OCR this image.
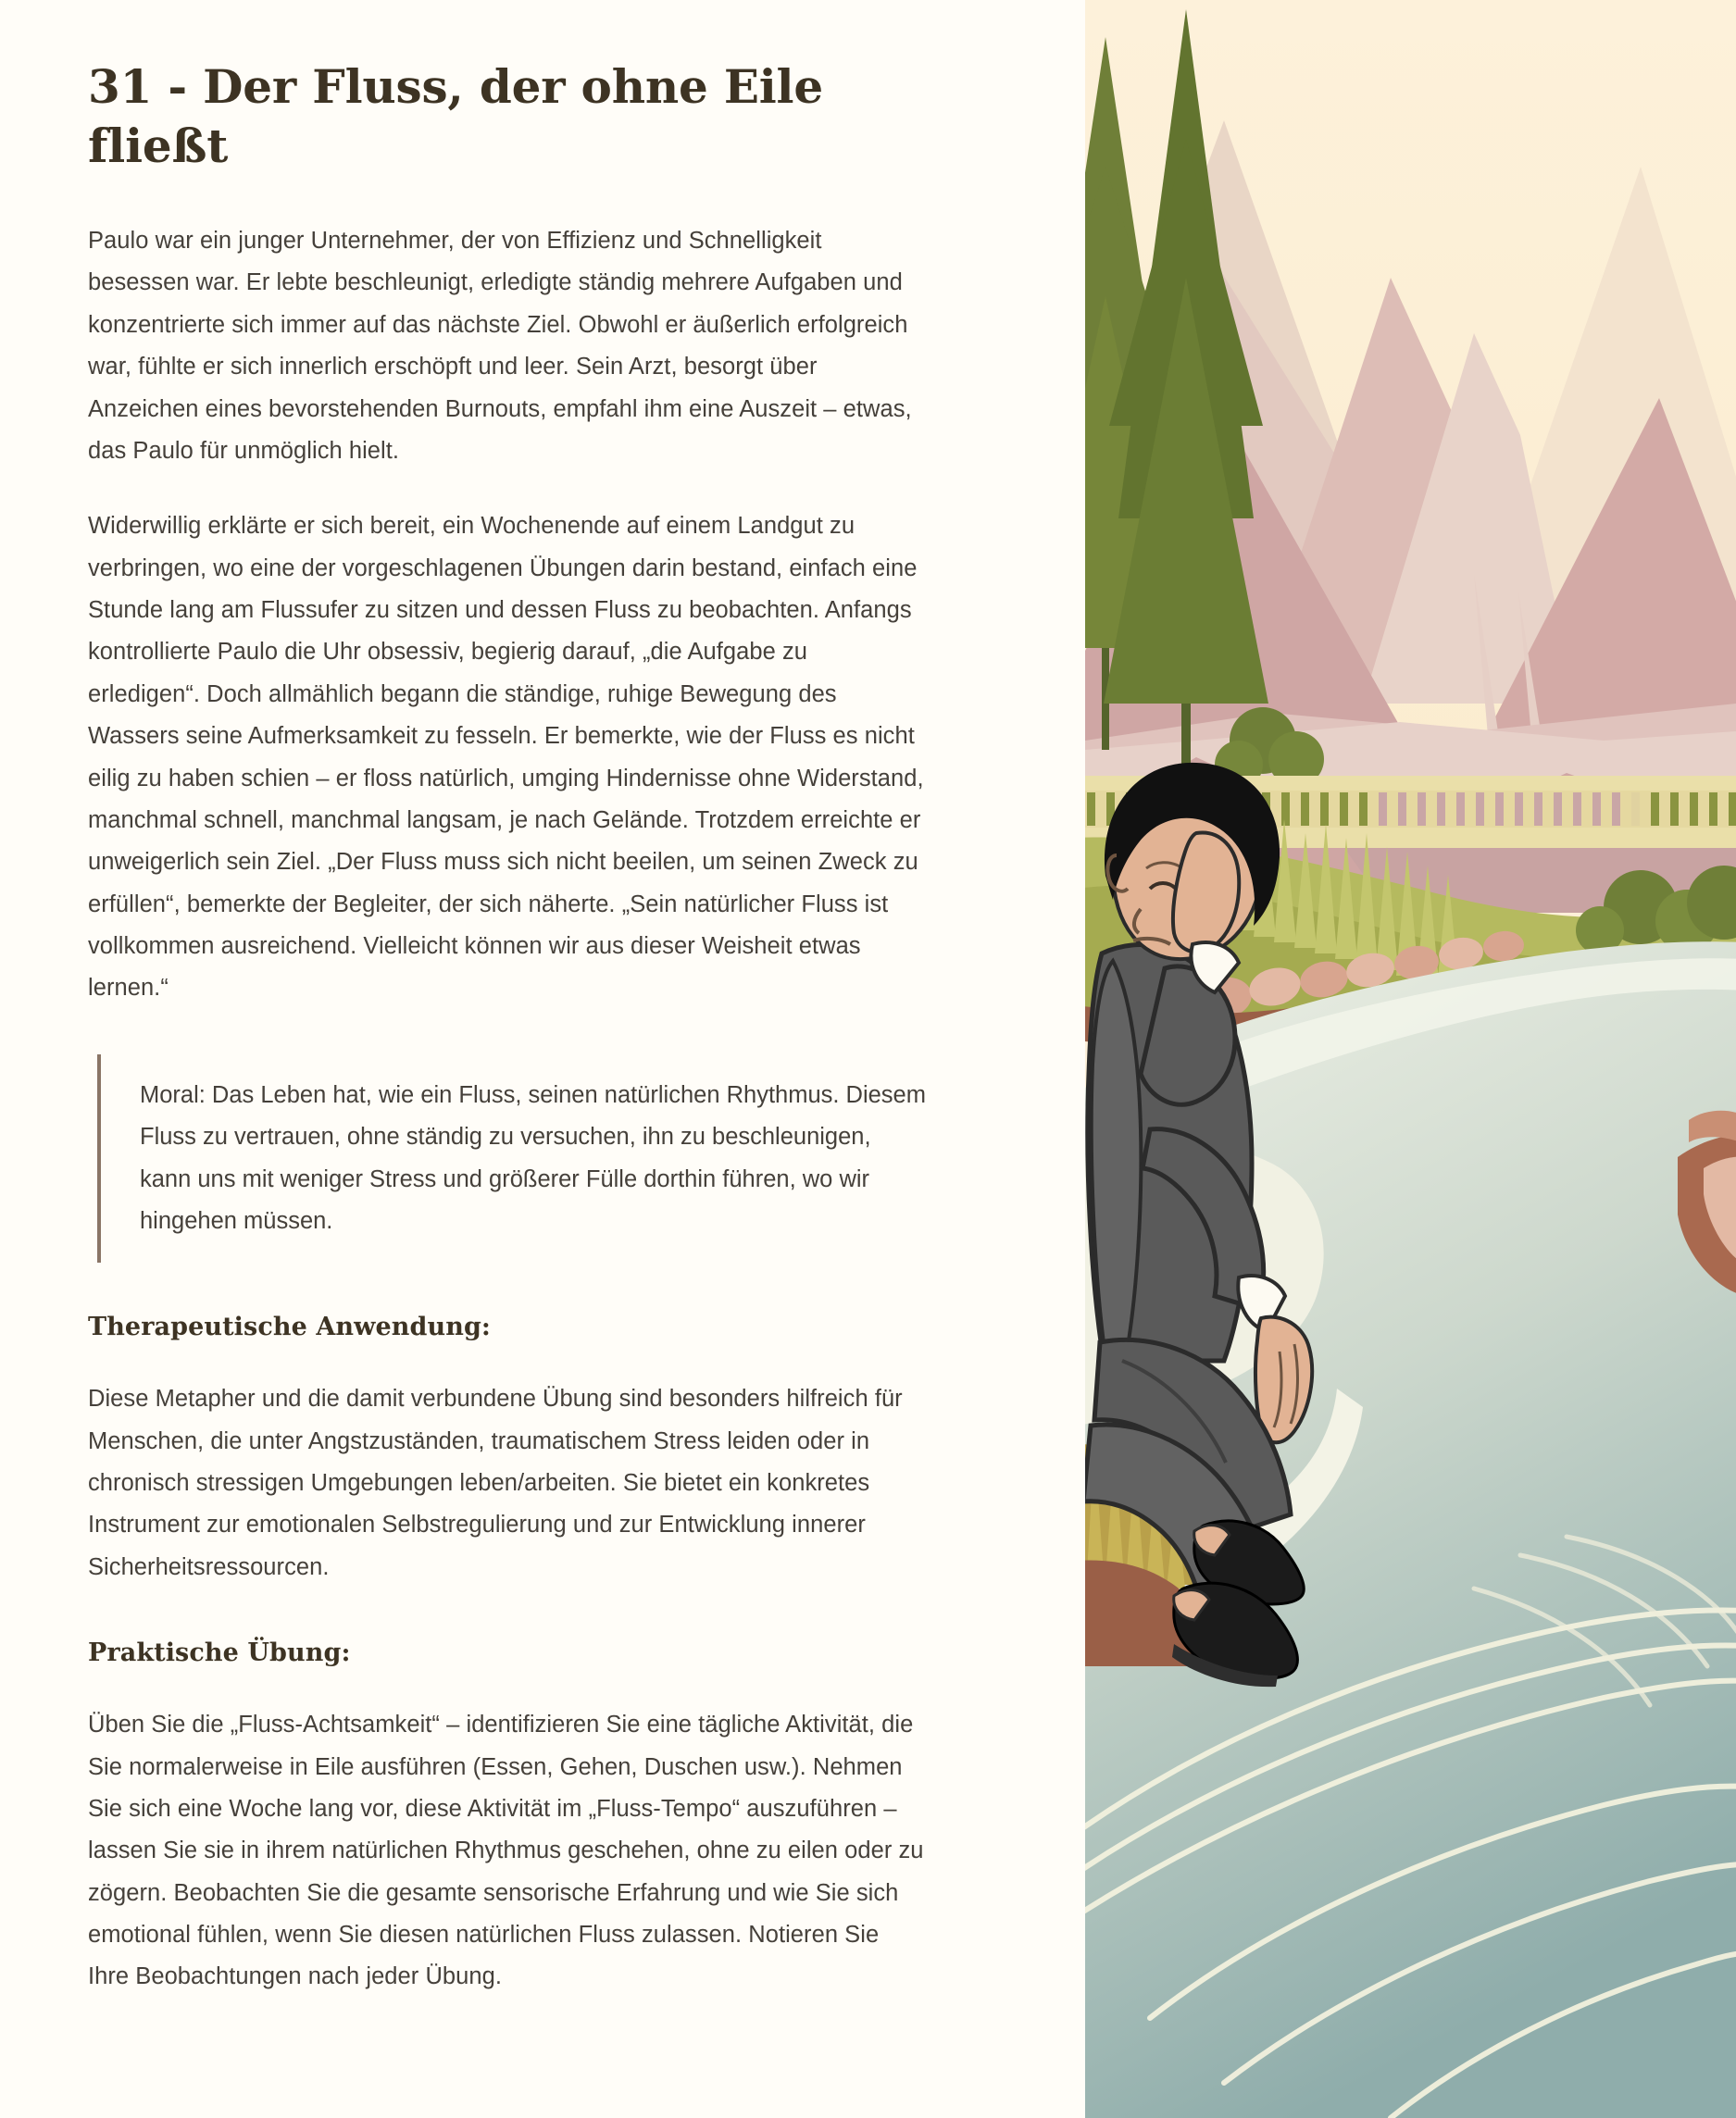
31 - Der Fluss, der ohne Eile fließt

Paulo war ein junger Unternehmer, der von Effizienz und Schnelligkeit besessen war. Er lebte beschleunigt, erledigte ständig mehrere Aufgaben und konzentrierte sich immer auf das nächste Ziel. Obwohl er äußerlich erfolgreich war, fühlte er sich innerlich erschöpft und leer. Sein Arzt, besorgt über Anzeichen eines bevorstehenden Burnouts, empfahl ihm eine Auszeit – etwas, das Paulo für unmöglich hielt.

Widerwillig erklärte er sich bereit, ein Wochenende auf einem Landgut zu verbringen, wo eine der vorgeschlagenen Übungen darin bestand, einfach eine Stunde lang am Flussufer zu sitzen und dessen Fluss zu beobachten. Anfangs kontrollierte Paulo die Uhr obsessiv, begierig darauf, „die Aufgabe zu erledigen“. Doch allmählich begann die ständige, ruhige Bewegung des Wassers seine Aufmerksamkeit zu fesseln. Er bemerkte, wie der Fluss es nicht eilig zu haben schien – er floss natürlich, umging Hindernisse ohne Widerstand, manchmal schnell, manchmal langsam, je nach Gelände. Trotzdem erreichte er unweigerlich sein Ziel. „Der Fluss muss sich nicht beeilen, um seinen Zweck zu erfüllen“, bemerkte der Begleiter, der sich näherte. „Sein natürlicher Fluss ist vollkommen ausreichend. Vielleicht können wir aus dieser Weisheit etwas lernen.“

Moral: Das Leben hat, wie ein Fluss, seinen natürlichen Rhythmus. Diesem Fluss zu vertrauen, ohne ständig zu versuchen, ihn zu beschleunigen, kann uns mit weniger Stress und größerer Fülle dorthin führen, wo wir hingehen müssen.

Therapeutische Anwendung:

Diese Metapher und die damit verbundene Übung sind besonders hilfreich für Menschen, die unter Angstzuständen, traumatischem Stress leiden oder in chronisch stressigen Umgebungen leben/arbeiten. Sie bietet ein konkretes Instrument zur emotionalen Selbstregulierung und zur Entwicklung innerer Sicherheitsressourcen.

Praktische Übung:

Üben Sie die „Fluss-Achtsamkeit“ – identifizieren Sie eine tägliche Aktivität, die Sie normalerweise in Eile ausführen (Essen, Gehen, Duschen usw.). Nehmen Sie sich eine Woche lang vor, diese Aktivität im „Fluss-Tempo“ auszuführen – lassen Sie sie in ihrem natürlichen Rhythmus geschehen, ohne zu eilen oder zu zögern. Beobachten Sie die gesamte sensorische Erfahrung und wie Sie sich emotional fühlen, wenn Sie diesen natürlichen Fluss zulassen. Notieren Sie Ihre Beobachtungen nach jeder Übung.
